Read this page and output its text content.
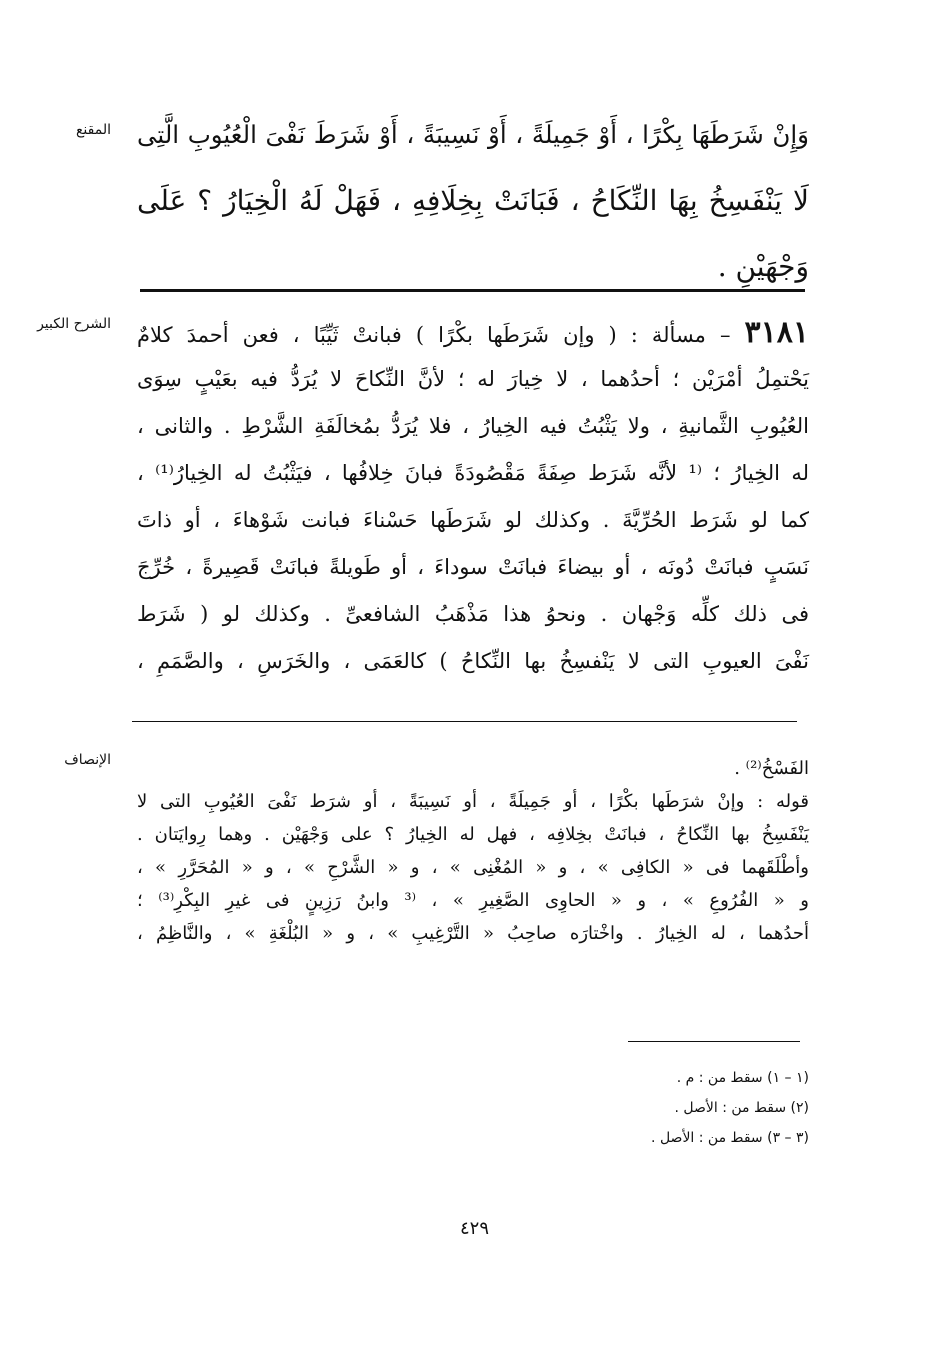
المقنع
الشرح الكبير
الإنصاف
وَإِنْ شَرَطَهَا بِكْرًا ، أَوْ جَمِيلَةً ، أَوْ نَسِيبَةً ، أَوْ شَرَطَ نَفْىَ الْعُيُوبِ الَّتِى
لَا يَنْفَسِخُ بِهَا النِّكَاحُ ، فَبَانَتْ بِخِلَافِهِ ، فَهَلْ لَهُ الْخِيَارُ ؟ عَلَى
وَجْهَيْنِ .
٣١٨١ – مسألة : ( وإن شَرَطَها بكْرًا ) فبانتْ ثَيِّبًا ، فعن أحمدَ كلامٌ
يَحْتمِلُ أمْرَيْن ؛ أحدُهما ، لا خِيارَ له ؛ لأنَّ النِّكاحَ لا يُرَدُّ فيه بعَيْبٍ سِوَى
العُيُوبِ الثَّمانيةِ ، ولا يَثْبُتُ فيه الخِيارُ ، فلا يُرَدُّ بمُخالَفَةِ الشَّرْطِ . والثانى ،
له الخِيارُ ؛ ⁽¹ لأنَّه شَرَط صِفَةً مَقْصُودَةً فبانَ خِلافُها ، فيَثْبُتُ له الخِيارُ⁽¹⁾ ،
كما لو شَرَط الحُرِّيَّةَ . وكذلك لو شَرَطَها حَسْناءَ فبانت شَوْهاءَ ، أو ذاتَ
نَسَبٍ فبانَتْ دُونَه ، أو بيضاءَ فبانَتْ سوداءَ ، أو طَويلةً فبانَتْ قَصِيرةً ، خُرِّجَ
فى ذلك كلِّه وَجْهان . ونحوُ هذا مَذْهَبُ الشافعىِّ . وكذلك لو ( شَرَط
نَفْىَ العيوبِ التى لا يَنْفسِخُ بها النِّكاحُ ) كالعَمَى ، والخَرَسِ ، والصَّمَمِ ،
الفَسْخُ⁽²⁾ .
قوله : وإنْ شرَطَها بكْرًا ، أو جَمِيلَةً ، أو نَسِيبَةً ، أو شرَط نَفْىَ العُيُوبِ التى لا
يَنْفَسِخُ بها النِّكاحُ ، فبانَتْ بخِلافِه ، فهل له الخِيارُ ؟ على وَجْهَيْن . وهما رِوايَتان .
وأطْلَقَهما فى « الكافِى » ، و « المُغْنِى » ، و « الشَّرْحِ » ، و « المُحَرَّرِ » ،
و « الفُرُوعِ » ، و « الحاوِى الصَّغِيرِ » ، ⁽³ وابنُ رَزِينٍ فى غيرِ البِكْرِ⁽³⁾ ؛
أحدُهما ، له الخِيارُ . واخْتارَه صاحِبُ « التَّرْغِيبِ » ، و « البُلْغَةِ » ، والنَّاظِمُ ،
(١ – ١) سقط من : م .
(٢) سقط من : الأصل .
(٣ – ٣) سقط من : الأصل .
٤٢٩
